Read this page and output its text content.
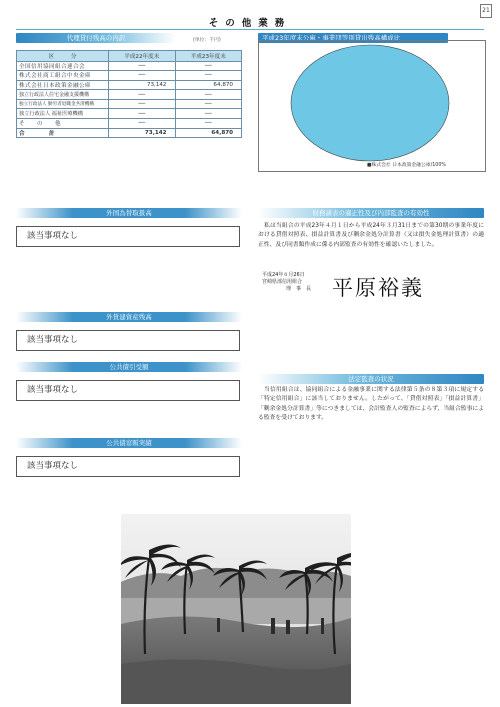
21
その他業務
代理貸付残高の内訳	(単位：千円)
区　　　分	平成22年度末	平成23年度末
全国信用協同組合連合会	──	──
株式会社商工組合中央金庫	──	──
株式会社日本政策金融公庫	73,142	64,870
独立行政法人住宅金融支援機構	──	──
独立行政法人 勤労者退職金共済機構	──	──
独立行政法人 福祉医療機構	──	──
そ　　の　　他	──	──
合　　　　計	73,142	64,870
平成23年度末公庫・事業団等別貸出残高構成比
■株式会社 日本政策金融公庫/100%
外国為替取扱高
該当事項なし
外貨建資産残高
該当事項なし
公共債引受額
該当事項なし
公共債窓販実績
該当事項なし
財務諸表の適正性及び内部監査の有効性
私は当組合の平成23年４月１日から平成24年３月31日までの第30期の事業年度における貸借対照表、損益計算書及び剰余金処分計算書（又は損失金処理計算書）の適正性、及び同書類作成に係る内部監査の有効性を確認いたしました。
平成24年６月26日
宮崎県部信用組合
理　事　長 平原裕義
法定監査の状況
当信用組合は、協同組合による金融事業に関する法律第５条の８第３項に規定する「特定信用組合」に該当しておりません。したがって、「貸借対照表」「損益計算書」「剰余金処分計算書」等につきましては、会計監査人の監査によらず、当組合監事による監査を受けております。
